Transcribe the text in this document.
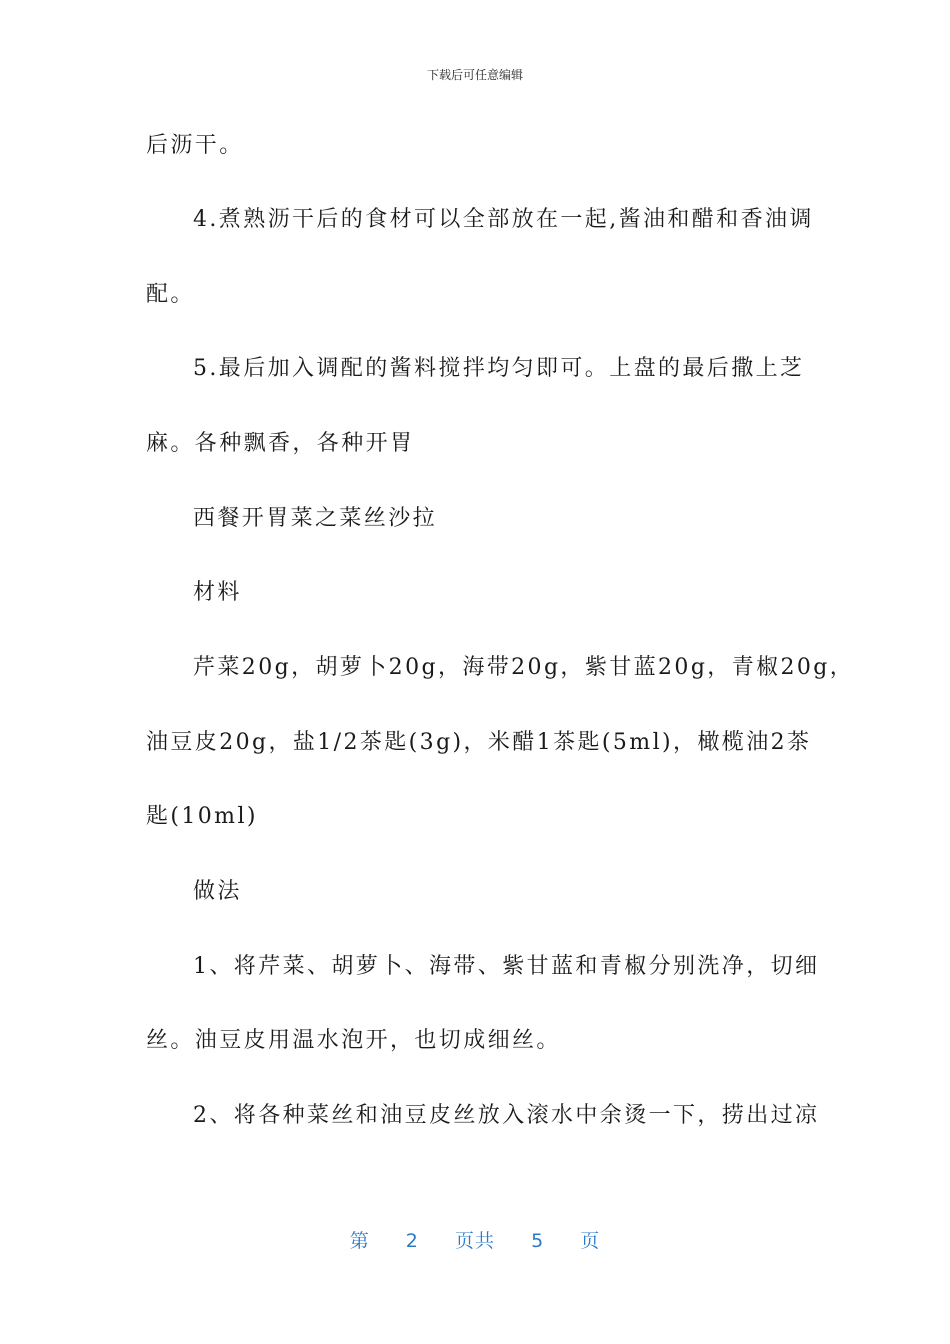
下载后可任意编辑
后沥干。
4.煮熟沥干后的食材可以全部放在一起,酱油和醋和香油调
配。
5.最后加入调配的酱料搅拌均匀即可。上盘的最后撒上芝
麻。各种飘香，各种开胃
西餐开胃菜之菜丝沙拉
材料
芹菜20g，胡萝卜20g，海带20g，紫甘蓝20g，青椒20g，
油豆皮20g，盐1/2茶匙(3g)，米醋1茶匙(5ml)，橄榄油2茶
匙(10ml)
做法
1、将芹菜、胡萝卜、海带、紫甘蓝和青椒分别洗净，切细
丝。油豆皮用温水泡开，也切成细丝。
2、将各种菜丝和油豆皮丝放入滚水中余烫一下，捞出过凉
第 2 页共 5 页
